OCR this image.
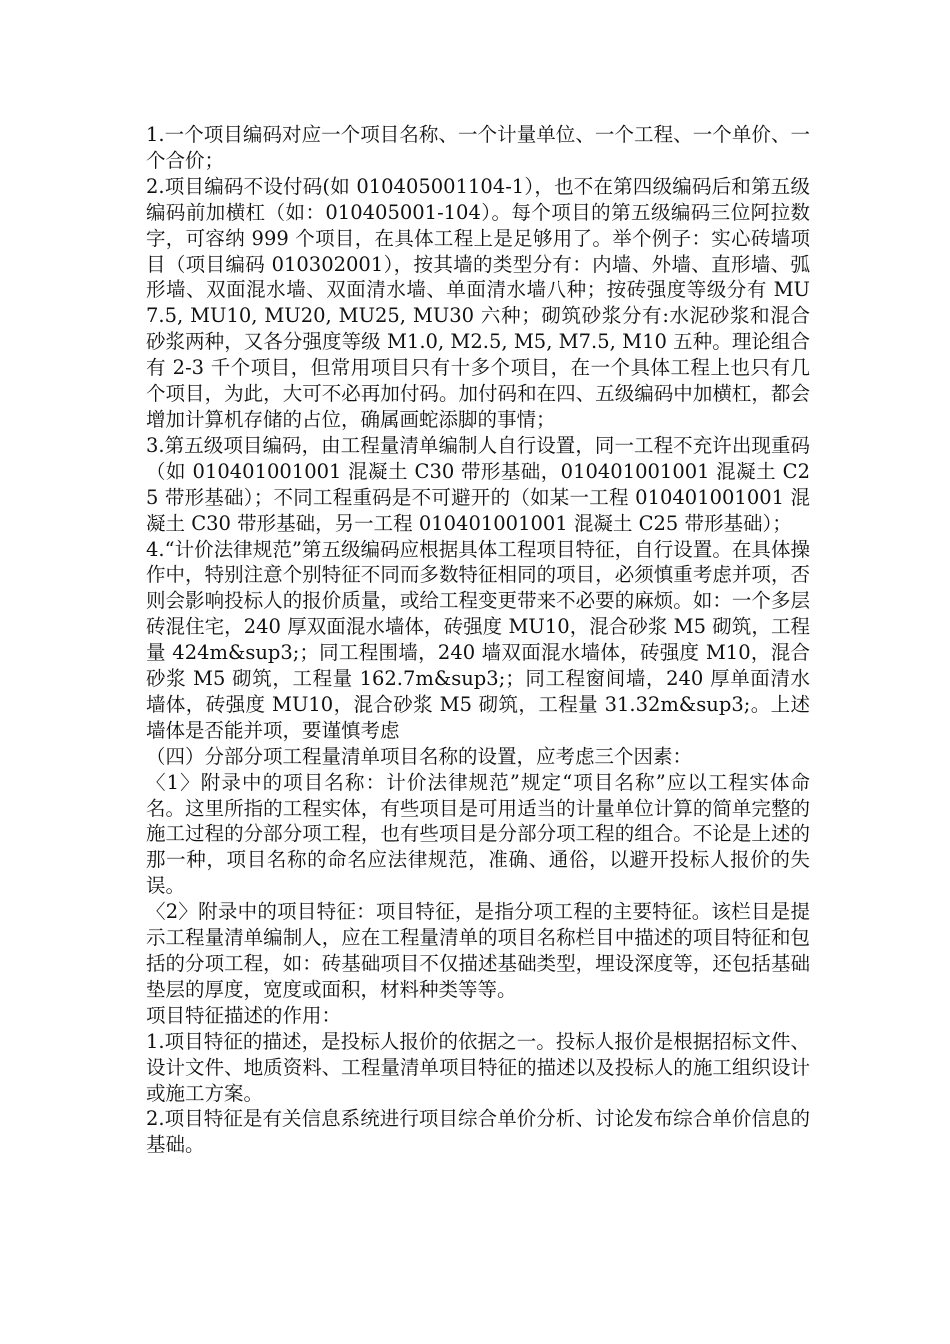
1.一个项目编码对应一个项目名称、一个计量单位、一个工程、一个单价、一个合价；

2.项目编码不设付码(如 010405001104-1），也不在第四级编码后和第五级编码前加横杠（如：010405001-104）。每个项目的第五级编码三位阿拉数字，可容纳 999 个项目，在具体工程上是足够用了。举个例子：实心砖墙项目（项目编码 010302001），按其墙的类型分有：内墙、外墙、直形墙、弧形墙、双面混水墙、双面清水墙、单面清水墙八种；按砖强度等级分有 MU7.5, MU10, MU20, MU25, MU30 六种；砌筑砂浆分有:水泥砂浆和混合砂浆两种，又各分强度等级 M1.0, M2.5, M5, M7.5, M10 五种。理论组合有 2-3 千个项目，但常用项目只有十多个项目，在一个具体工程上也只有几个项目，为此，大可不必再加付码。加付码和在四、五级编码中加横杠，都会增加计算机存储的占位，确属画蛇添脚的事情；

3.第五级项目编码，由工程量清单编制人自行设置，同一工程不充许出现重码（如 010401001001 混凝土 C30 带形基础，010401001001 混凝土 C25 带形基础）；不同工程重码是不可避开的（如某一工程 010401001001 混凝土 C30 带形基础，另一工程 010401001001 混凝土 C25 带形基础）；

4.“计价法律规范”第五级编码应根据具体工程项目特征，自行设置。在具体操作中，特别注意个别特征不同而多数特征相同的项目，必须慎重考虑并项，否则会影响投标人的报价质量，或给工程变更带来不必要的麻烦。如：一个多层砖混住宅，240 厚双面混水墙体，砖强度 MU10，混合砂浆 M5 砌筑，工程量 424m&sup3;；同工程围墙，240 墙双面混水墙体，砖强度 M10，混合砂浆 M5 砌筑，工程量 162.7m&sup3;；同工程窗间墙，240 厚单面清水墙体，砖强度 MU10，混合砂浆 M5 砌筑，工程量 31.32m&sup3;。上述墙体是否能并项，要谨慎考虑

（四）分部分项工程量清单项目名称的设置，应考虑三个因素：

〈1〉附录中的项目名称：计价法律规范”规定“项目名称”应以工程实体命名。这里所指的工程实体，有些项目是可用适当的计量单位计算的简单完整的施工过程的分部分项工程，也有些项目是分部分项工程的组合。不论是上述的那一种，项目名称的命名应法律规范，准确、通俗，以避开投标人报价的失误。

〈2〉附录中的项目特征：项目特征，是指分项工程的主要特征。该栏目是提示工程量清单编制人，应在工程量清单的项目名称栏目中描述的项目特征和包括的分项工程，如：砖基础项目不仅描述基础类型，埋设深度等，还包括基础垫层的厚度，宽度或面积，材料种类等等。

项目特征描述的作用：

1.项目特征的描述，是投标人报价的依据之一。投标人报价是根据招标文件、设计文件、地质资料、工程量清单项目特征的描述以及投标人的施工组织设计或施工方案。

2.项目特征是有关信息系统进行项目综合单价分析、讨论发布综合单价信息的基础。
